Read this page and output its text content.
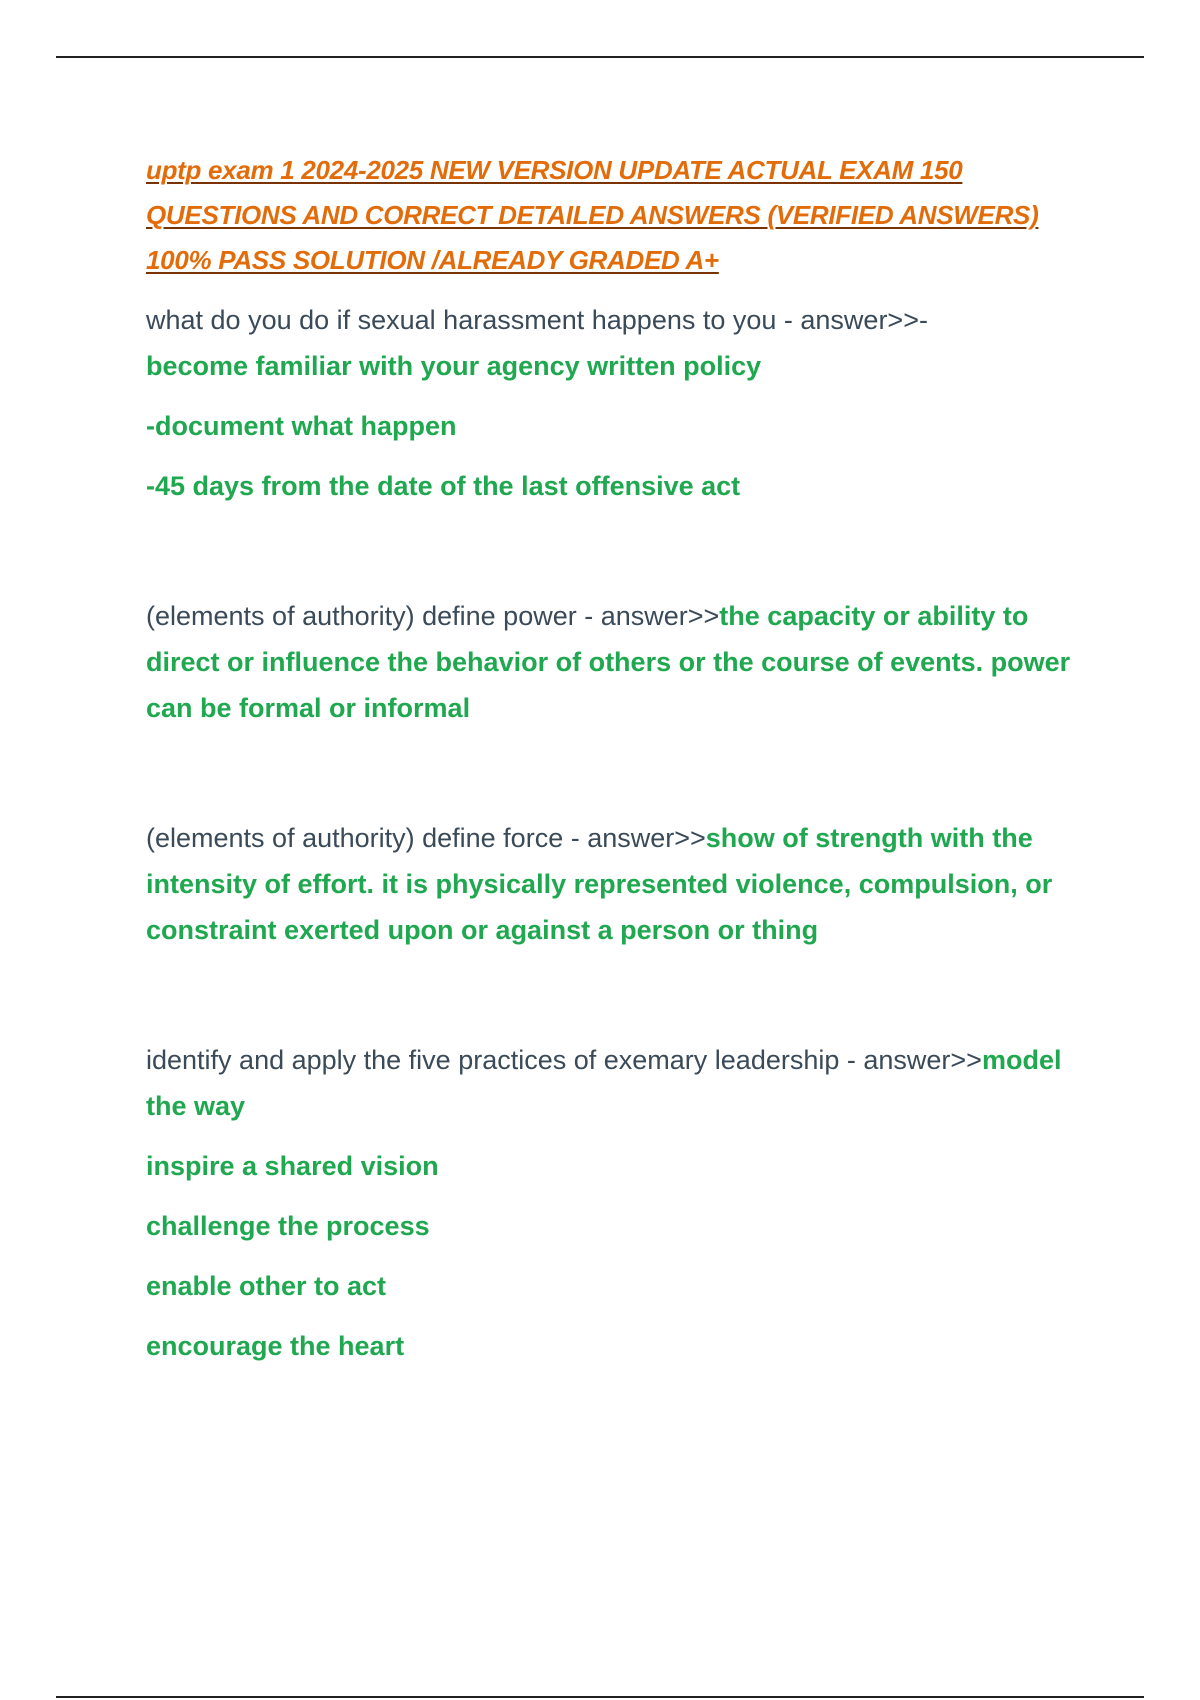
uptp exam 1 2024-2025 NEW VERSION UPDATE ACTUAL EXAM 150 QUESTIONS AND CORRECT DETAILED ANSWERS (VERIFIED ANSWERS) 100% PASS SOLUTION /ALREADY GRADED A+

what do you do if sexual harassment happens to you - answer>>-

become familiar with your agency written policy

-document what happen

-45 days from the date of the last offensive act

(elements of authority) define power - answer>>the capacity or ability to direct or influence the behavior of others or the course of events. power can be formal or informal

(elements of authority) define force - answer>>show of strength with the intensity of effort. it is physically represented violence, compulsion, or constraint exerted upon or against a person or thing

identify and apply the five practices of exemary leadership - answer>>model the way

inspire a shared vision

challenge the process

enable other to act

encourage the heart
